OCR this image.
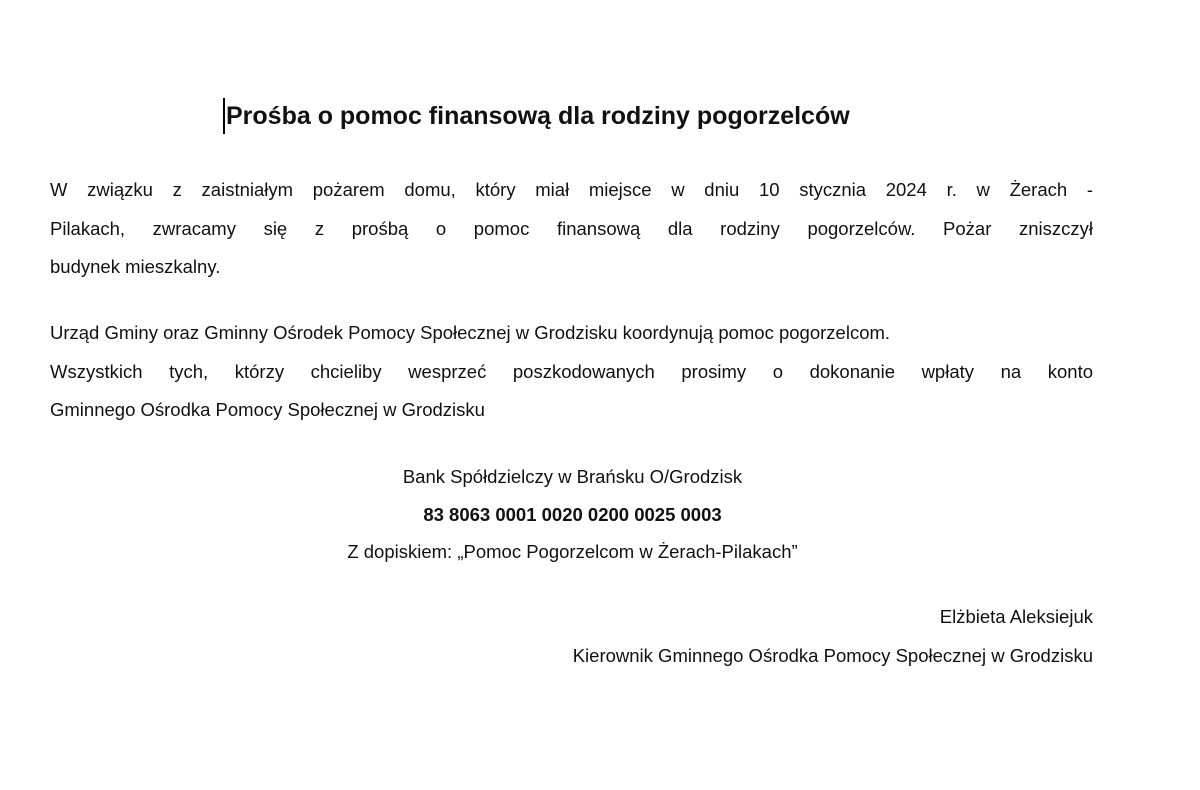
Prośba o pomoc finansową dla rodziny pogorzelców

W związku z zaistniałym pożarem domu, który miał miejsce w dniu 10 stycznia 2024 r. w Żerach -
Pilakach, zwracamy się z prośbą o pomoc finansową dla rodziny pogorzelców. Pożar zniszczył
budynek mieszkalny.

Urząd Gminy oraz Gminny Ośrodek Pomocy Społecznej w Grodzisku koordynują pomoc pogorzelcom.
Wszystkich tych, którzy chcieliby wesprzeć poszkodowanych prosimy o dokonanie wpłaty na konto
Gminnego Ośrodka Pomocy Społecznej w Grodzisku

Bank Spółdzielczy w Brańsku O/Grodzisk
83 8063 0001 0020 0200 0025 0003
Z dopiskiem: „Pomoc Pogorzelcom w Żerach-Pilakach”
Elżbieta Aleksiejuk
Kierownik Gminnego Ośrodka Pomocy Społecznej w Grodzisku
